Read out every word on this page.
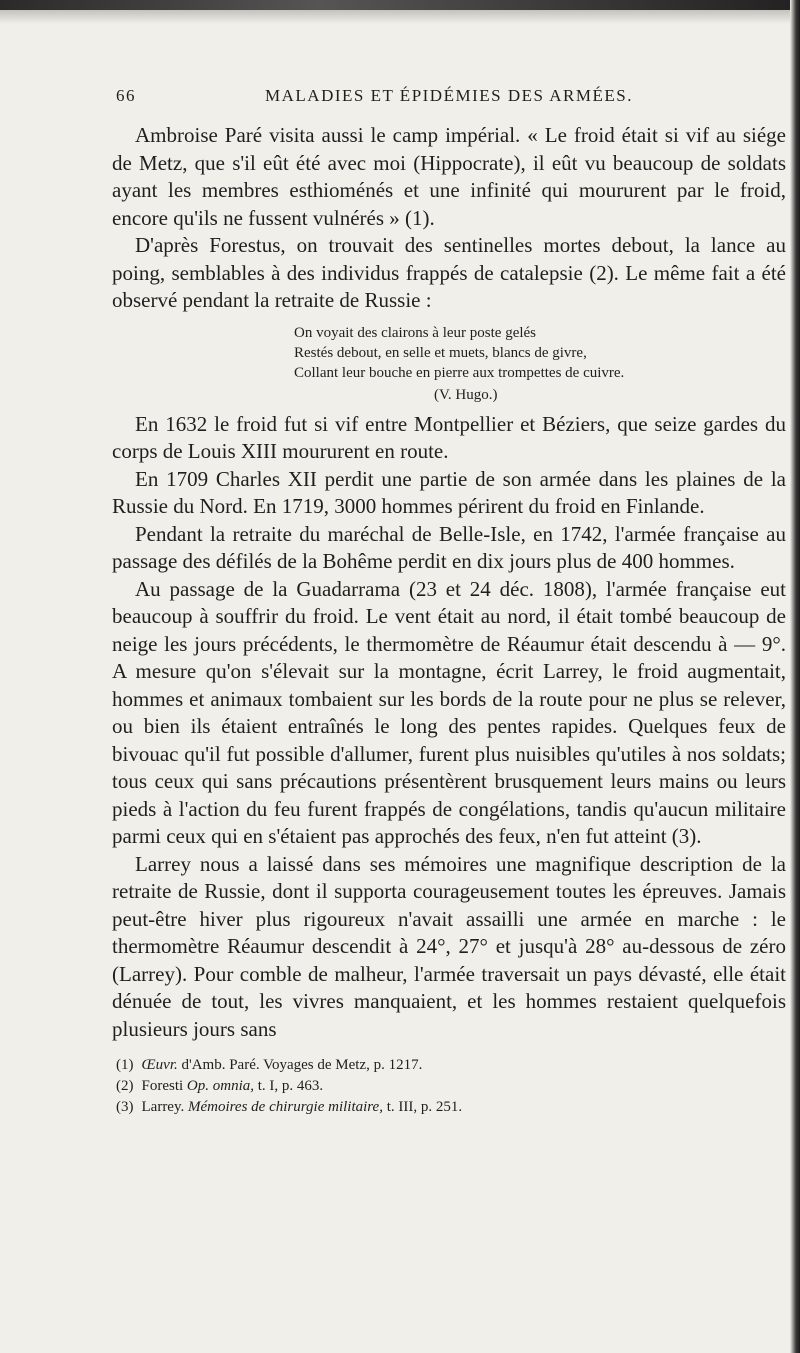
66	MALADIES ET ÉPIDÉMIES DES ARMÉES.

Ambroise Paré visita aussi le camp impérial. « Le froid était si vif au siége de Metz, que s'il eût été avec moi (Hippocrate), il eût vu beaucoup de soldats ayant les membres esthioménés et une infinité qui moururent par le froid, encore qu'ils ne fussent vulnérés » (1).

D'après Forestus, on trouvait des sentinelles mortes debout, la lance au poing, semblables à des individus frappés de catalepsie (2). Le même fait a été observé pendant la retraite de Russie :

On voyait des clairons à leur poste gelés
Restés debout, en selle et muets, blancs de givre,
Collant leur bouche en pierre aux trompettes de cuivre.
(V. Hugo.)

En 1632 le froid fut si vif entre Montpellier et Béziers, que seize gardes du corps de Louis XIII moururent en route.

En 1709 Charles XII perdit une partie de son armée dans les plaines de la Russie du Nord. En 1719, 3000 hommes périrent du froid en Finlande.

Pendant la retraite du maréchal de Belle-Isle, en 1742, l'armée française au passage des défilés de la Bohême perdit en dix jours plus de 400 hommes.

Au passage de la Guadarrama (23 et 24 déc. 1808), l'armée française eut beaucoup à souffrir du froid. Le vent était au nord, il était tombé beaucoup de neige les jours précédents, le thermomètre de Réaumur était descendu à — 9°. A mesure qu'on s'élevait sur la montagne, écrit Larrey, le froid augmentait, hommes et animaux tombaient sur les bords de la route pour ne plus se relever, ou bien ils étaient entraînés le long des pentes rapides. Quelques feux de bivouac qu'il fut possible d'allumer, furent plus nuisibles qu'utiles à nos soldats; tous ceux qui sans précautions présentèrent brusquement leurs mains ou leurs pieds à l'action du feu furent frappés de congélations, tandis qu'aucun militaire parmi ceux qui en s'étaient pas approchés des feux, n'en fut atteint (3).

Larrey nous a laissé dans ses mémoires une magnifique description de la retraite de Russie, dont il supporta courageusement toutes les épreuves. Jamais peut-être hiver plus rigoureux n'avait assailli une armée en marche : le thermomètre Réaumur descendit à 24°, 27° et jusqu'à 28° au-dessous de zéro (Larrey). Pour comble de malheur, l'armée traversait un pays dévasté, elle était dénuée de tout, les vivres manquaient, et les hommes restaient quelquefois plusieurs jours sans

(1) Œuvr. d'Amb. Paré. Voyages de Metz, p. 1217.
(2) Foresti Op. omnia, t. I, p. 463.
(3) Larrey. Mémoires de chirurgie militaire, t. III, p. 251.
